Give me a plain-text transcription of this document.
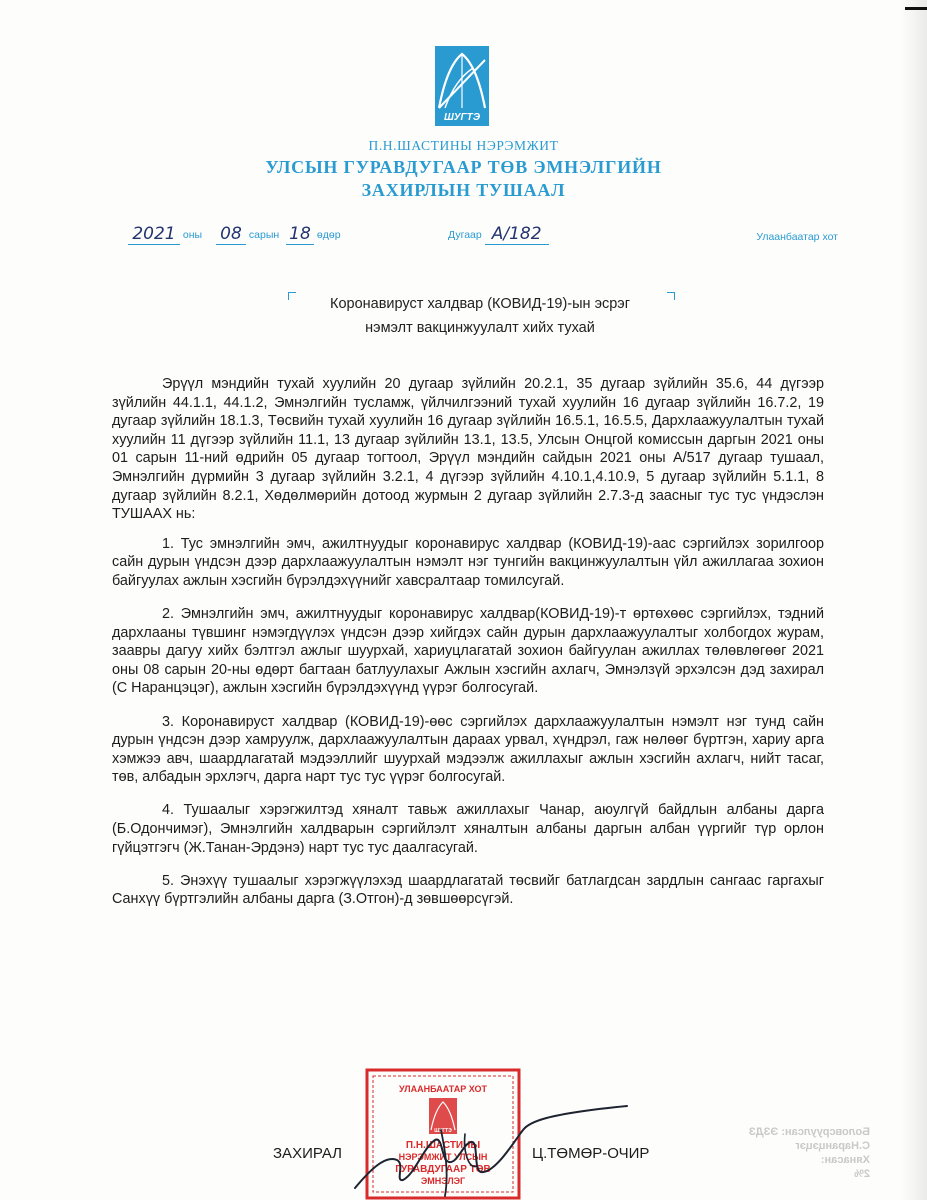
ШУГТЭ
П.Н.ШАСТИНЫ НЭРЭМЖИТ
УЛСЫН ГУРАВДУГААР ТӨВ ЭМНЭЛГИЙН
ЗАХИРЛЫН ТУШААЛ
2021 оны 08 сарын 18 өдөр	Дугаар A/182	Улаанбаатар хот
Коронавируст халдвар (КОВИД-19)-ын эсрэг
нэмэлт вакцинжуулалт хийх тухай

Эрүүл мэндийн тухай хуулийн 20 дугаар зүйлийн 20.2.1, 35 дугаар зүйлийн 35.6, 44 дүгээр зүйлийн 44.1.1, 44.1.2, Эмнэлгийн тусламж, үйлчилгээний тухай хуулийн 16 дугаар зүйлийн 16.7.2, 19 дугаар зүйлийн 18.1.3, Төсвийн тухай хуулийн 16 дугаар зүйлийн 16.5.1, 16.5.5, Дархлаажуулалтын тухай хуулийн 11 дүгээр зүйлийн 11.1, 13 дугаар зүйлийн 13.1, 13.5, Улсын Онцгой комиссын даргын 2021 оны 01 сарын 11-ний өдрийн 05 дугаар тогтоол, Эрүүл мэндийн сайдын 2021 оны А/517 дугаар тушаал, Эмнэлгийн дүрмийн 3 дугаар зүйлийн 3.2.1, 4 дүгээр зүйлийн 4.10.1,4.10.9, 5 дугаар зүйлийн 5.1.1, 8 дугаар зүйлийн 8.2.1, Хөдөлмөрийн дотоод журмын 2 дугаар зүйлийн 2.7.3-д заасныг тус тус үндэслэн ТУШААХ нь:

1. Тус эмнэлгийн эмч, ажилтнуудыг коронавирус халдвар (КОВИД-19)-аас сэргийлэх зорилгоор сайн дурын үндсэн дээр дархлаажуулалтын нэмэлт нэг тунгийн вакцинжуулалтын үйл ажиллагаа зохион байгуулах ажлын хэсгийн бүрэлдэхүүнийг хавсралтаар томилсугай.

2. Эмнэлгийн эмч, ажилтнуудыг коронавирус халдвар(КОВИД-19)-т өртөхөөс сэргийлэх, тэдний дархлааны түвшинг нэмэгдүүлэх үндсэн дээр хийгдэх сайн дурын дархлаажуулалтыг холбогдох журам, заавры дагуу хийх бэлтгэл ажлыг шуурхай, хариуцлагатай зохион байгуулан ажиллах төлөвлөгөөг 2021 оны 08 сарын 20-ны өдөрт багтаан батлуулахыг Ажлын хэсгийн ахлагч, Эмнэлзүй эрхэлсэн дэд захирал (С Наранцэцэг), ажлын хэсгийн бүрэлдэхүүнд үүрэг болгосугай.

3. Коронавируст халдвар (КОВИД-19)-өөс сэргийлэх дархлаажуулалтын нэмэлт нэг тунд сайн дурын үндсэн дээр хамруулж, дархлаажуулалтын дараах урвал, хүндрэл, гаж нөлөөг бүртгэн, хариу арга хэмжээ авч, шаардлагатай мэдээллийг шуурхай мэдээлж ажиллахыг ажлын хэсгийн ахлагч, нийт тасаг, төв, албадын эрхлэгч, дарга нарт тус тус үүрэг болгосугай.

4. Тушаалыг хэрэгжилтэд хяналт тавьж ажиллахыг Чанар, аюулгүй байдлын албаны дарга (Б.Одончимэг), Эмнэлгийн халдварын сэргийлэлт хяналтын албаны даргын албан үүргийг түр орлон гүйцэтгэгч (Ж.Танан-Эрдэнэ) нарт тус тус даалгасугай.

5. Энэхүү тушаалыг хэрэгжүүлэхэд шаардлагатай төсвийг батлагдсан зардлын сангаас гаргахыг Санхүү бүртгэлийн албаны дарга (З.Отгон)-д зөвшөөрсүгэй.

Боловсруулсан: ЭЗДЗ С.Наранцэцэг
Хянасан:
2%
УЛААНБААТАР ХОТ
ШУГТЭ
П.Н.ШАСТИНЫ
НЭРЭМЖИТ УЛСЫН
ГУРАВДУГААР ТӨВ
ЭМНЭЛЭГ
ЗАХИРАЛ	Ц.ТӨМӨР-ОЧИР
